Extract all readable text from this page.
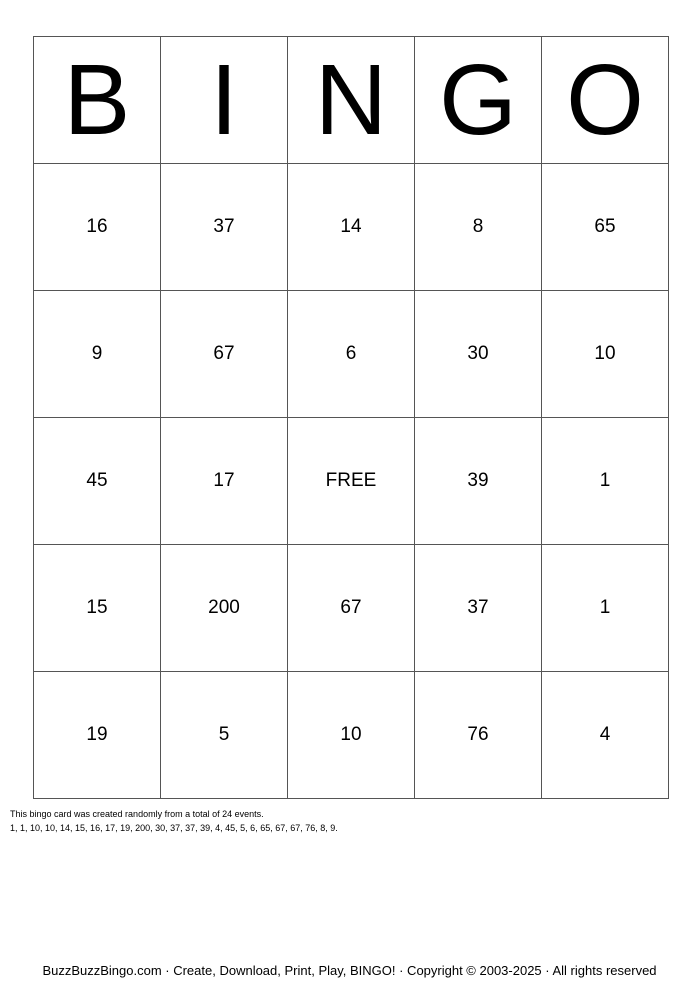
B	I	N	G	O
16	37	14	8	65
9	67	6	30	10
45	17	FREE	39	1
15	200	67	37	1
19	5	10	76	4
This bingo card was created randomly from a total of 24 events.
1, 1, 10, 10, 14, 15, 16, 17, 19, 200, 30, 37, 37, 39, 4, 45, 5, 6, 65, 67, 67, 76, 8, 9.
BuzzBuzzBingo.com · Create, Download, Print, Play, BINGO! · Copyright © 2003-2025 · All rights reserved
